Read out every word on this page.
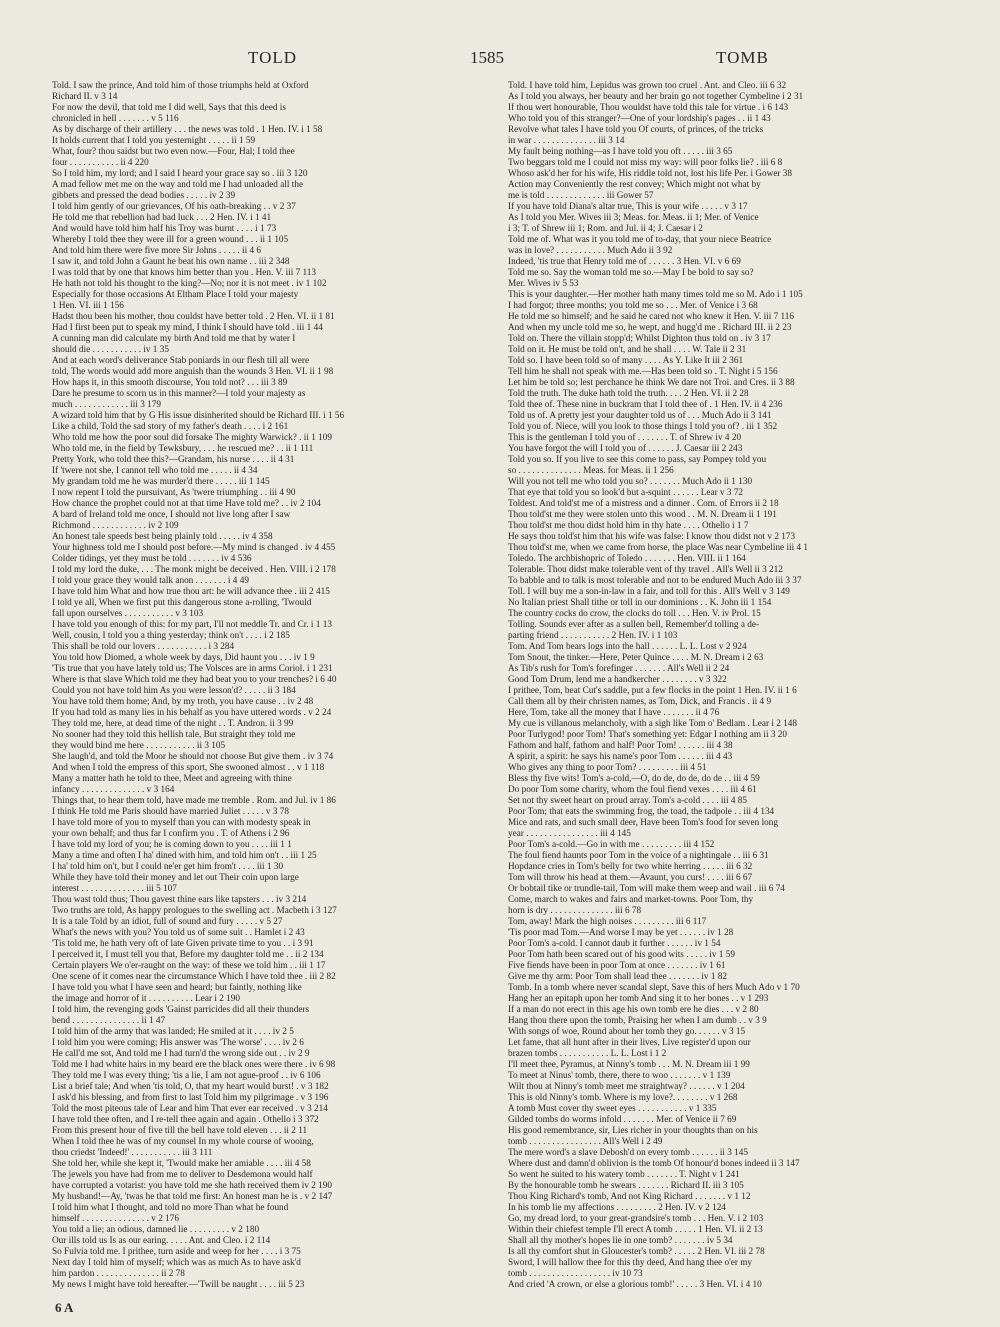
TOLD	1585	TOMB
Told. I saw the prince, And told him of those triumphs held at Oxford
Richard II. v 3 14
For now the devil, that told me I did well, Says that this deed is
chronicled in hell . . . . . . . v 5 116
As by discharge of their artillery . . . the news was told . 1 Hen. IV. i 1 58
It holds current that I told you yesternight . . . . . ii 1 59
What, four? thou saidst but two even now.—Four, Hal; I told thee
four . . . . . . . . . . . ii 4 220
So I told him, my lord; and I said I heard your grace say so . iii 3 120
A mad fellow met me on the way and told me I had unloaded all the
gibbets and pressed the dead bodies . . . . . iv 2 39
I told him gently of our grievances, Of his oath-breaking . . v 2 37
He told me that rebellion had bad luck . . . 2 Hen. IV. i 1 41
And would have told him half his Troy was burnt . . . . i 1 73
Whereby I told thee they were ill for a green wound . . . ii 1 105
And told him there were five more Sir Johns . . . . . ii 4 6
I saw it, and told John a Gaunt he beat his own name . . iii 2 348
I was told that by one that knows him better than you . Hen. V. iii 7 113
He hath not told his thought to the king?—No; nor it is not meet . iv 1 102
Especially for those occasions At Eltham Place I told your majesty
1 Hen. VI. iii 1 156
Hadst thou been his mother, thou couldst have better told . 2 Hen. VI. ii 1 81
Had I first been put to speak my mind, I think I should have told . iii 1 44
A cunning man did calculate my birth And told me that by water I
should die . . . . . . . . . . . iv 1 35
And at each word's deliverance Stab poniards in our flesh till all were
told, The words would add more anguish than the wounds 3 Hen. VI. ii 1 98
How haps it, in this smooth discourse, You told not? . . . iii 3 89
Dare he presume to scorn us in this manner?—I told your majesty as
much . . . . . . . . . . . . iii 3 179
A wizard told him that by G His issue disinherited should be Richard III. i 1 56
Like a child, Told the sad story of my father's death . . . . i 2 161
Who told me how the poor soul did forsake The mighty Warwick? . ii 1 109
Who told me, in the field by Tewksbury, . . . he rescued me? . . ii 1 111
Pretty York, who told thee this?—Grandam, his nurse . . . . ii 4 31
If 'twere not she, I cannot tell who told me . . . . . ii 4 34
My grandam told me he was murder'd there . . . . . iii 1 145
I now repent I told the pursuivant, As 'twere triumphing . . iii 4 90
How chance the prophet could not at that time Have told me? . . iv 2 104
A bard of Ireland told me once, I should not live long after I saw
Richmond . . . . . . . . . . . . iv 2 109
An honest tale speeds best being plainly told . . . . . iv 4 358
Your highness told me I should post before.—My mind is changed . iv 4 455
Colder tidings, yet they must be told . . . . . . . iv 4 536
I told my lord the duke, . . . The monk might be deceived . Hen. VIII. i 2 178
I told your grace they would talk anon . . . . . . . i 4 49
I have told him What and how true thou art: he will advance thee . iii 2 415
I told ye all, When we first put this dangerous stone a-rolling, 'Twould
fall upon ourselves . . . . . . . . . . . v 3 103
I have told you enough of this: for my part, I'll not meddle Tr. and Cr. i 1 13
Well, cousin, I told you a thing yesterday; think on't . . . . i 2 185
This shall be told our lovers . . . . . . . . . . . i 3 284
You told how Diomed, a whole week by days, Did haunt you . . . iv 1 9
'Tis true that you have lately told us; The Volsces are in arms Coriol. i 1 231
Where is that slave Which told me they had beat you to your trenches? i 6 40
Could you not have told him As you were lesson'd? . . . . . ii 3 184
You have told them home; And, by my troth, you have cause . . iv 2 48
If you had told as many lies in his behalf as you have uttered words . v 2 24
They told me, here, at dead time of the night . . T. Andron. ii 3 99
No sooner had they told this hellish tale, But straight they told me
they would bind me here . . . . . . . . . . . ii 3 105
She laugh'd, and told the Moor he should not choose But give them . iv 3 74
And when I told the empress of this sport, She swooned almost . . v 1 118
Many a matter hath he told to thee, Meet and agreeing with thine
infancy . . . . . . . . . . . . . . v 3 164
Things that, to hear them told, have made me tremble . Rom. and Jul. iv 1 86
I think He told me Paris should have married Juliet . . . . . v 3 78
I have told more of you to myself than you can with modesty speak in
your own behalf; and thus far I confirm you . T. of Athens i 2 96
I have told my lord of you; he is coming down to you . . . . iii 1 1
Many a time and often I ha' dined with him, and told him on't . . iii 1 25
I ha' told him on't, but I could ne'er get him from't . . . . iii 1 30
While they have told their money and let out Their coin upon large
interest . . . . . . . . . . . . . . iii 5 107
Thou wast told thus; Thou gavest thine ears like tapsters . . . iv 3 214
Two truths are told, As happy prologues to the swelling act . Macbeth i 3 127
It is a tale Told by an idiot, full of sound and fury . . . . . v 5 27
What's the news with you? You told us of some suit . . Hamlet i 2 43
'Tis told me, he hath very oft of late Given private time to you . . i 3 91
I perceived it, I must tell you that, Before my daughter told me . . ii 2 134
Certain players We o'er-raught on the way: of these we told him . . iii 1 17
One scene of it comes near the circumstance Which I have told thee . iii 2 82
I have told you what I have seen and heard; but faintly, nothing like
the image and horror of it . . . . . . . . . . Lear i 2 190
I told him, the revenging gods 'Gainst parricides did all their thunders
bend . . . . . . . . . . . . . . . ii 1 47
I told him of the army that was landed; He smiled at it . . . . iv 2 5
I told him you were coming; His answer was 'The worse' . . . . iv 2 6
He call'd me sot, And told me I had turn'd the wrong side out . . iv 2 9
Told me I had white hairs in my beard ere the black ones were there . iv 6 98
They told me I was every thing; 'tis a lie, I am not ague-proof . . iv 6 106
List a brief tale; And when 'tis told, O, that my heart would burst! . v 3 182
I ask'd his blessing, and from first to last Told him my pilgrimage . v 3 196
Told the most piteous tale of Lear and him That ever ear received . v 3 214
I have told thee often, and I re-tell thee again and again . Othello i 3 372
From this present hour of five till the bell have told eleven . . . ii 2 11
When I told thee he was of my counsel In my whole course of wooing,
thou criedst 'Indeed!' . . . . . . . . . . . iii 3 111
She told her, while she kept it, 'Twould make her amiable . . . . iii 4 58
The jewels you have had from me to deliver to Desdemona would half
have corrupted a votarist: you have told me she hath received them iv 2 190
My husband!—Ay, 'twas he that told me first: An honest man he is . v 2 147
I told him what I thought, and told no more Than what he found
himself . . . . . . . . . . . . . . . v 2 176
You told a lie; an odious, damned lie . . . . . . . . . v 2 180
Our ills told us Is as our earing. . . . . Ant. and Cleo. i 2 114
So Fulvia told me. I prithee, turn aside and weep for her . . . . i 3 75
Next day I told him of myself; which was as much As to have ask'd
him pardon . . . . . . . . . . . . . . ii 2 78
My news I might have told hereafter.—'Twill be naught . . . . iii 5 23
Told. I have told him, Lepidus was grown too cruel . Ant. and Cleo. iii 6 32
As I told you always, her beauty and her brain go not together Cymbeline i 2 31
If thou wert honourable, Thou wouldst have told this tale for virtue . i 6 143
Who told you of this stranger?—One of your lordship's pages . . ii 1 43
Revolve what tales I have told you Of courts, of princes, of the tricks
in war . . . . . . . . . . . . . . iii 3 14
My fault being nothing—as I have told you oft . . . . . iii 3 65
Two beggars told me I could not miss my way: will poor folks lie? . iii 6 8
Whoso ask'd her for his wife, His riddle told not, lost his life Per. i Gower 38
Action may Conveniently the rest convey; Which might not what by
me is told . . . . . . . . . . . . . iii Gower 57
If you have told Diana's altar true, This is your wife . . . . . v 3 17
As I told you Mer. Wives iii 3; Meas. for. Meas. ii 1; Mer. of Venice
i 3; T. of Shrew iii 1; Rom. and Jul. ii 4; J. Caesar i 2
Told me of. What was it you told me of to-day, that your niece Beatrice
was in love? . . . . . . . . . . . Much Ado ii 3 92
Indeed, 'tis true that Henry told me of . . . . . . 3 Hen. VI. v 6 69
Told me so. Say the woman told me so.—May I be bold to say so?
Mer. Wives iv 5 53
This is your daughter.—Her mother hath many times told me so M. Ado i 1 105
I had forgot; three months; you told me so . . . Mer. of Venice i 3 68
He told me so himself; and he said he cared not who knew it Hen. V. iii 7 116
And when my uncle told me so, he wept, and hugg'd me . Richard III. ii 2 23
Told on. There the villain stopp'd; Whilst Dighton thus told on . iv 3 17
Told on it. He must be told on't, and he shall . . . . W. Tale ii 2 31
Told so. I have been told so of many . . . . As Y. Like It iii 2 361
Tell him he shall not speak with me.—Has been told so . T. Night i 5 156
Let him be told so; lest perchance he think We dare not Troi. and Cres. ii 3 88
Told the truth. The duke hath told the truth. . . . 2 Hen. VI. ii 2 28
Told thee of. These nine in buckram that I told thee of . 1 Hen. IV. ii 4 236
Told us of. A pretty jest your daughter told us of . . . Much Ado ii 3 141
Told you of. Niece, will you look to those things I told you of? . iii 1 352
This is the gentleman I told you of . . . . . . . T. of Shrew iv 4 20
You have forgot the will I told you of . . . . . . J. Caesar iii 2 243
Told you so. If you live to see this come to pass, say Pompey told you
so . . . . . . . . . . . . . . Meas. for Meas. ii 1 256
Will you not tell me who told you so? . . . . . . . Much Ado ii 1 130
That eye that told you so look'd but a-squint . . . . . . Lear v 3 72
Toldest. And told'st me of a mistress and a dinner . Com. of Errors ii 2 18
Thou told'st me they were stolen unto this wood . . M. N. Dream ii 1 191
Thou told'st me thou didst hold him in thy hate . . . . Othello i 1 7
He says thou told'st him that his wife was false: I know thou didst not v 2 173
Thou told'st me, when we came from horse, the place Was near Cymbeline iii 4 1
Toledo. The archbishopric of Toledo . . . . . . . Hen. VIII. ii 1 164
Tolerable. Thou didst make tolerable vent of thy travel . All's Well ii 3 212
To babble and to talk is most tolerable and not to be endured Much Ado iii 3 37
Toll. I will buy me a son-in-law in a fair, and toll for this . All's Well v 3 149
No Italian priest Shall tithe or toll in our dominions . . K. John iii 1 154
The country cocks do crow, the clocks do toll . . . Hen. V. iv Prol. 15
Tolling. Sounds ever after as a sullen bell, Remember'd tolling a de-
parting friend . . . . . . . . . . . 2 Hen. IV. i 1 103
Tom. And Tom bears logs into the hall . . . . . . L. L. Lost v 2 924
Tom Snout, the tinker.—Here, Peter Quince . . . . M. N. Dream i 2 63
As Tib's rush for Tom's forefinger . . . . . . . All's Well ii 2 24
Good Tom Drum, lend me a handkercher . . . . . . . . v 3 322
I prithee, Tom, beat Cut's saddle, put a few flocks in the point 1 Hen. IV. ii 1 6
Call them all by their christen names, as Tom, Dick, and Francis . ii 4 9
Here, Tom, take all the money that I have . . . . . . . ii 4 76
My cue is villanous melancholy, with a sigh like Tom o' Bedlam . Lear i 2 148
Poor Turlygod! poor Tom! That's something yet: Edgar I nothing am ii 3 20
Fathom and half, fathom and half! Poor Tom! . . . . . . iii 4 38
A spirit, a spirit: he says his name's poor Tom . . . . . . iii 4 43
Who gives any thing to poor Tom? . . . . . . . . . iii 4 51
Bless thy five wits! Tom's a-cold,—O, do de, do de, do de . . iii 4 59
Do poor Tom some charity, whom the foul fiend vexes . . . . iii 4 61
Set not thy sweet heart on proud array. Tom's a-cold . . . . iii 4 85
Poor Tom; that eats the swimming frog, the toad, the tadpole . . iii 4 134
Mice and rats, and such small deer, Have been Tom's food for seven long
year . . . . . . . . . . . . . . . . iii 4 145
Poor Tom's a-cold.—Go in with me . . . . . . . . . iii 4 152
The foul fiend haunts poor Tom in the voice of a nightingale . . iii 6 31
Hopdance cries in Tom's belly for two white herring . . . . . iii 6 32
Tom will throw his head at them.—Avaunt, you curs! . . . . iii 6 67
Or bobtail tike or trundle-tail, Tom will make them weep and wail . iii 6 74
Come, march to wakes and fairs and market-towns. Poor Tom, thy
horn is dry . . . . . . . . . . . . . . iii 6 78
Tom, away! Mark the high noises . . . . . . . . . iii 6 117
'Tis poor mad Tom.—And worse I may be yet . . . . . . iv 1 28
Poor Tom's a-cold. I cannot daub it further . . . . . . iv 1 54
Poor Tom hath been scared out of his good wits . . . . . iv 1 59
Five fiends have been in poor Tom at once . . . . . . . iv 1 61
Give me thy arm: Poor Tom shall lead thee . . . . . . . iv 1 82
Tomb. In a tomb where never scandal slept, Save this of hers Much Ado v 1 70
Hang her an epitaph upon her tomb And sing it to her bones . . v 1 293
If a man do not erect in this age his own tomb ere he dies . . . v 2 80
Hang thou there upon the tomb, Praising her when I am dumb . . v 3 9
With songs of woe, Round about her tomb they go. . . . . . v 3 15
Let fame, that all hunt after in their lives, Live register'd upon our
brazen tombs . . . . . . . . . . . L. L. Lost i 1 2
I'll meet thee, Pyramus, at Ninny's tomb . . . M. N. Dream iii 1 99
To meet at Ninus' tomb, there, there to woo . . . . . . . v 1 139
Wilt thou at Ninny's tomb meet me straightway? . . . . . . v 1 204
This is old Ninny's tomb. Where is my love?. . . . . . . . v 1 268
A tomb Must cover thy sweet eyes . . . . . . . . . . . v 1 335
Gilded tombs do worms infold . . . . . . . Mer. of Venice ii 7 69
His good remembrance, sir, Lies richer in your thoughts than on his
tomb . . . . . . . . . . . . . . . . All's Well i 2 49
The mere word's a slave Debosh'd on every tomb . . . . . . ii 3 145
Where dust and damn'd oblivion is the tomb Of honour'd bones indeed ii 3 147
So went he suited to his watery tomb . . . . . . . T. Night v 1 241
By the honourable tomb he swears . . . . . . . Richard II. iii 3 105
Thou King Richard's tomb, And not King Richard . . . . . . . v 1 12
In his tomb lie my affections . . . . . . . . . 2 Hen. IV. v 2 124
Go, my dread lord, to your great-grandsire's tomb . . . Hen. V. i 2 103
Within their chiefest temple I'll erect A tomb . . . . . 1 Hen. VI. ii 2 13
Shall all thy mother's hopes lie in one tomb? . . . . . . . iv 5 34
Is all thy comfort shut in Gloucester's tomb? . . . . . 2 Hen. VI. iii 2 78
Sword, I will hallow thee for this thy deed, And hang thee o'er my
tomb . . . . . . . . . . . . . . . . . . iv 10 73
And cried 'A crown, or else a glorious tomb!' . . . . . 3 Hen. VI. i 4 10
6 A
